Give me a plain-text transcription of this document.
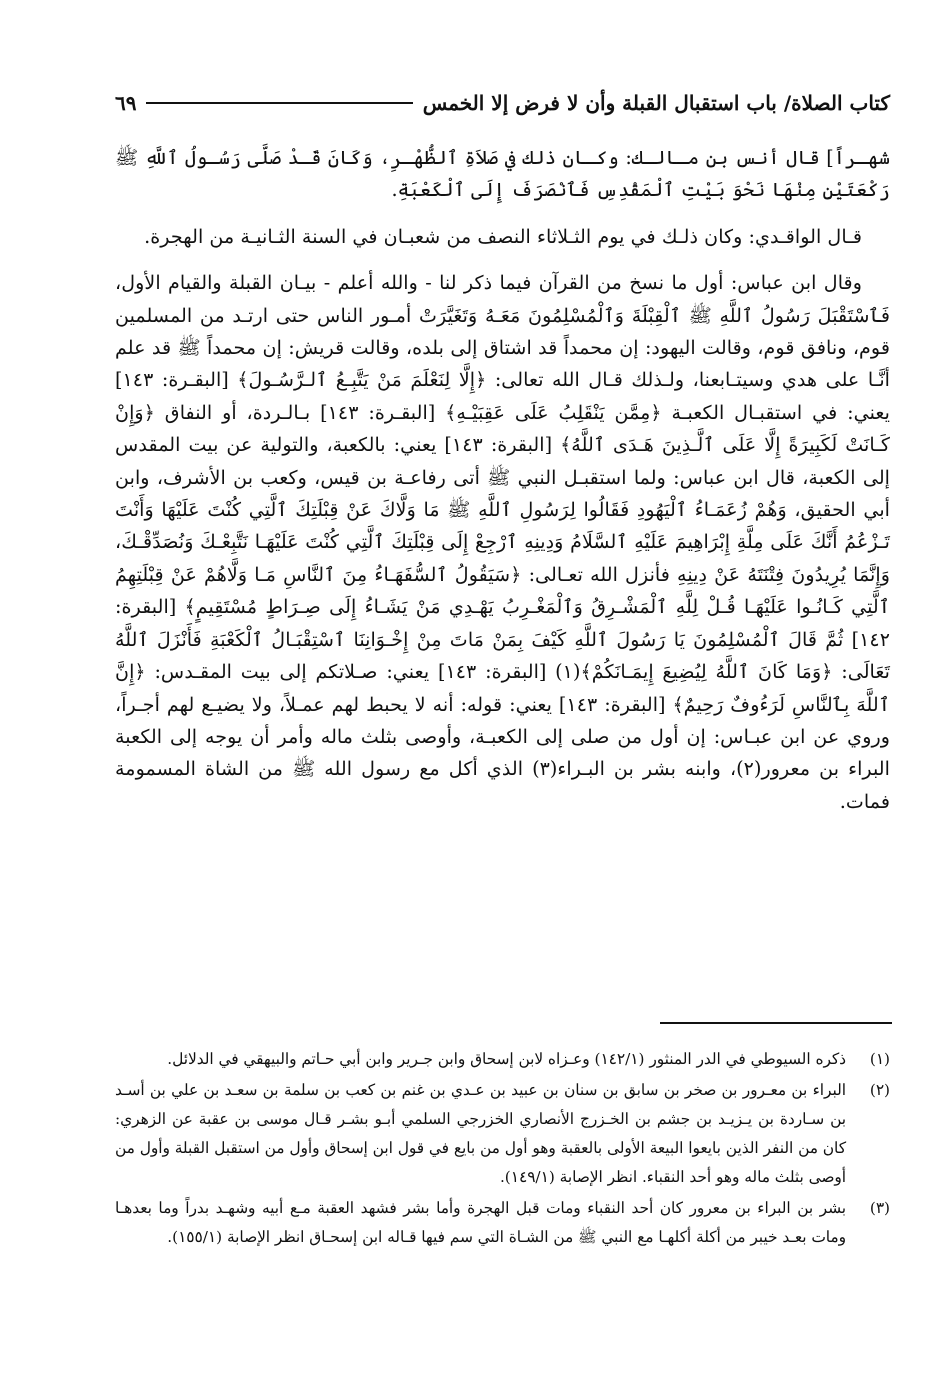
كتاب الصلاة/ باب استقبال القبلة وأن لا فرض إلا الخمس
٦٩

شهـراً] قال أنس بن مـالـك: وكـان ذلك في صَلاَةِ ٱلظُّهْـرِ، وَكَانَ قَـدْ صَلَّى رَسُـولُ ٱللَّهِ ﷺ رَكْعَتَيْنِ مِنْهَا نَحْوَ بَيْتِ ٱلْمَقْدِسِ فَٱنْصَرَفَ إِلَى ٱلْكَعْبَةِ.

قـال الواقـدي: وكان ذلـك في يوم الثـلاثاء النصف من شعبـان في السنة الثـانيـة من الهجرة.

وقال ابن عباس: أول ما نسخ من القرآن فيما ذكر لنا - والله أعلم - بيـان القبلة والقيام الأول، فَٱسْتَقْبَلَ رَسُولُ ٱللَّهِ ﷺ ٱلْقِبْلَةَ وَٱلْمُسْلِمُونَ مَعَـهُ وَتَغَيَّرَتْ أمـور الناس حتى ارتـد من المسلمين قوم، ونافق قوم، وقالت اليهود: إن محمداً قد اشتاق إلى بلده، وقالت قريش: إن محمداً ﷺ قد علم أنَّـا على هدي وسيتـابعنا، ولـذلك قـال الله تعالى: ﴿إِلَّا لِنَعْلَمَ مَنْ يَتَّبِـعُ ٱلـرَّسُـولَ﴾ [البقـرة: ١٤٣] يعني: في استقبـال الكعبـة ﴿مِمَّن يَنْقَلِبُ عَلَى عَقِبَيْـهِ﴾ [البقـرة: ١٤٣] بـالـردة، أو النفاق ﴿وَإِنْ كَـانَتْ لَكَبِيرَةً إِلَّا عَلَى ٱلَّـذِينَ هَـدَى ٱللَّهُ﴾ [البقرة: ١٤٣] يعني: بالكعبة، والتولية عن بيت المقدس إلى الكعبة، قال ابن عباس: ولما استقبـل النبي ﷺ أتى رفاعـة بن قيس، وكعب بن الأشرف، وابن أبي الحقيق، وَهُمْ زُعَمَـاءُ ٱلْيَهُودِ فَقَالُوا لِرَسُولِ ٱللَّهِ ﷺ مَا وَلَّاكَ عَنْ قِبْلَتِكَ ٱلَّتِي كُنْتَ عَلَيْهَا وَأَنْتَ تَـزْعُمُ أَنَّكَ عَلَى مِلَّةِ إِبْرَاهِيمَ عَلَيْهِ ٱلسَّلَامُ وَدِينِهِ ٱرْجِعْ إِلَى قِبْلَتِكَ ٱلَّتِي كُنْتَ عَلَيْهَـا نَتَّبِعْـكَ وَنُصَدِّقْـكَ، وَإِنَّمَا يُرِيدُونَ فِتْنَتَهُ عَنْ دِينِهِ فأنزل الله تعـالى: ﴿سَيَقُولُ ٱلسُّفَهَـاءُ مِنَ ٱلنَّاسِ مَـا وَلَّاهُمْ عَنْ قِبْلَتِهِمُ ٱلَّتِي كَـانُـوا عَلَيْهَـا قُـلْ لِلَّهِ ٱلْمَشْـرِقُ وَٱلْمَغْـرِبُ يَهْـدِي مَنْ يَشَـاءُ إِلَى صِـرَاطٍ مُسْتَقِيمٍ﴾ [البقرة: ١٤٢] ثُمَّ قَالَ ٱلْمُسْلِمُونَ يَا رَسُولَ ٱللَّهِ كَيْفَ بِمَنْ مَاتَ مِنْ إِخْـوَانِنَا ٱسْتِقْبَـالُ ٱلْكَعْبَةِ فَأَنْزَلَ ٱللَّهُ تَعَالَى: ﴿وَمَا كَانَ ٱللَّهُ لِيُضِيعَ إِيمَـانَكُمْ﴾(١) [البقرة: ١٤٣] يعني: صـلاتكم إلى بيت المقـدس: ﴿إِنَّ ٱللَّهَ بِٱلنَّاسِ لَرَءُوفٌ رَحِيمٌ﴾ [البقرة: ١٤٣] يعني: قوله: أنه لا يحبط لهم عمـلاً، ولا يضيـع لهم أجـراً، وروي عن ابن عبـاس: إن أول من صلى إلى الكعبـة، وأوصى بثلث ماله وأمر أن يوجه إلى الكعبة البراء بن معرور(٢)، وابنه بشر بن البـراء(٣) الذي أكل مع رسول الله ﷺ من الشاة المسمومة فمات.

(١)
ذكره السيوطي في الدر المنثور (١٤٢/١) وعـزاه لابن إسحاق وابن جـرير وابن أبي حـاتم والبيهقي في الدلائل.
(٢)
البراء بن معـرور بن صخر بن سابق بن سنان بن عبيد بن عـدي بن غنم بن كعب بن سلمة بن سعـد بن علي بن أسـد بن سـاردة بن يـزيـد بن جشم بن الخـزرج الأنصاري الخزرجي السلمي أبـو بشـر قـال موسى بن عقبة عن الزهري: كان من النفر الذين بايعوا البيعة الأولى بالعقبة وهو أول من بايع في قول ابن إسحاق وأول من استقبل القبلة وأول من أوصى بثلث ماله وهو أحد النقباء. انظر الإصابة (١٤٩/١).
(٣)
بشر بن البراء بن معرور كان أحد النقباء ومات قبل الهجرة وأما بشر فشهد العقبة مـع أبيه وشهـد بدراً وما بعدهـا ومات بعـد خيبر من أكلة أكلهـا مع النبي ﷺ من الشـاة التي سم فيها قـاله ابن إسحـاق انظر الإصابة (١٥٥/١).
